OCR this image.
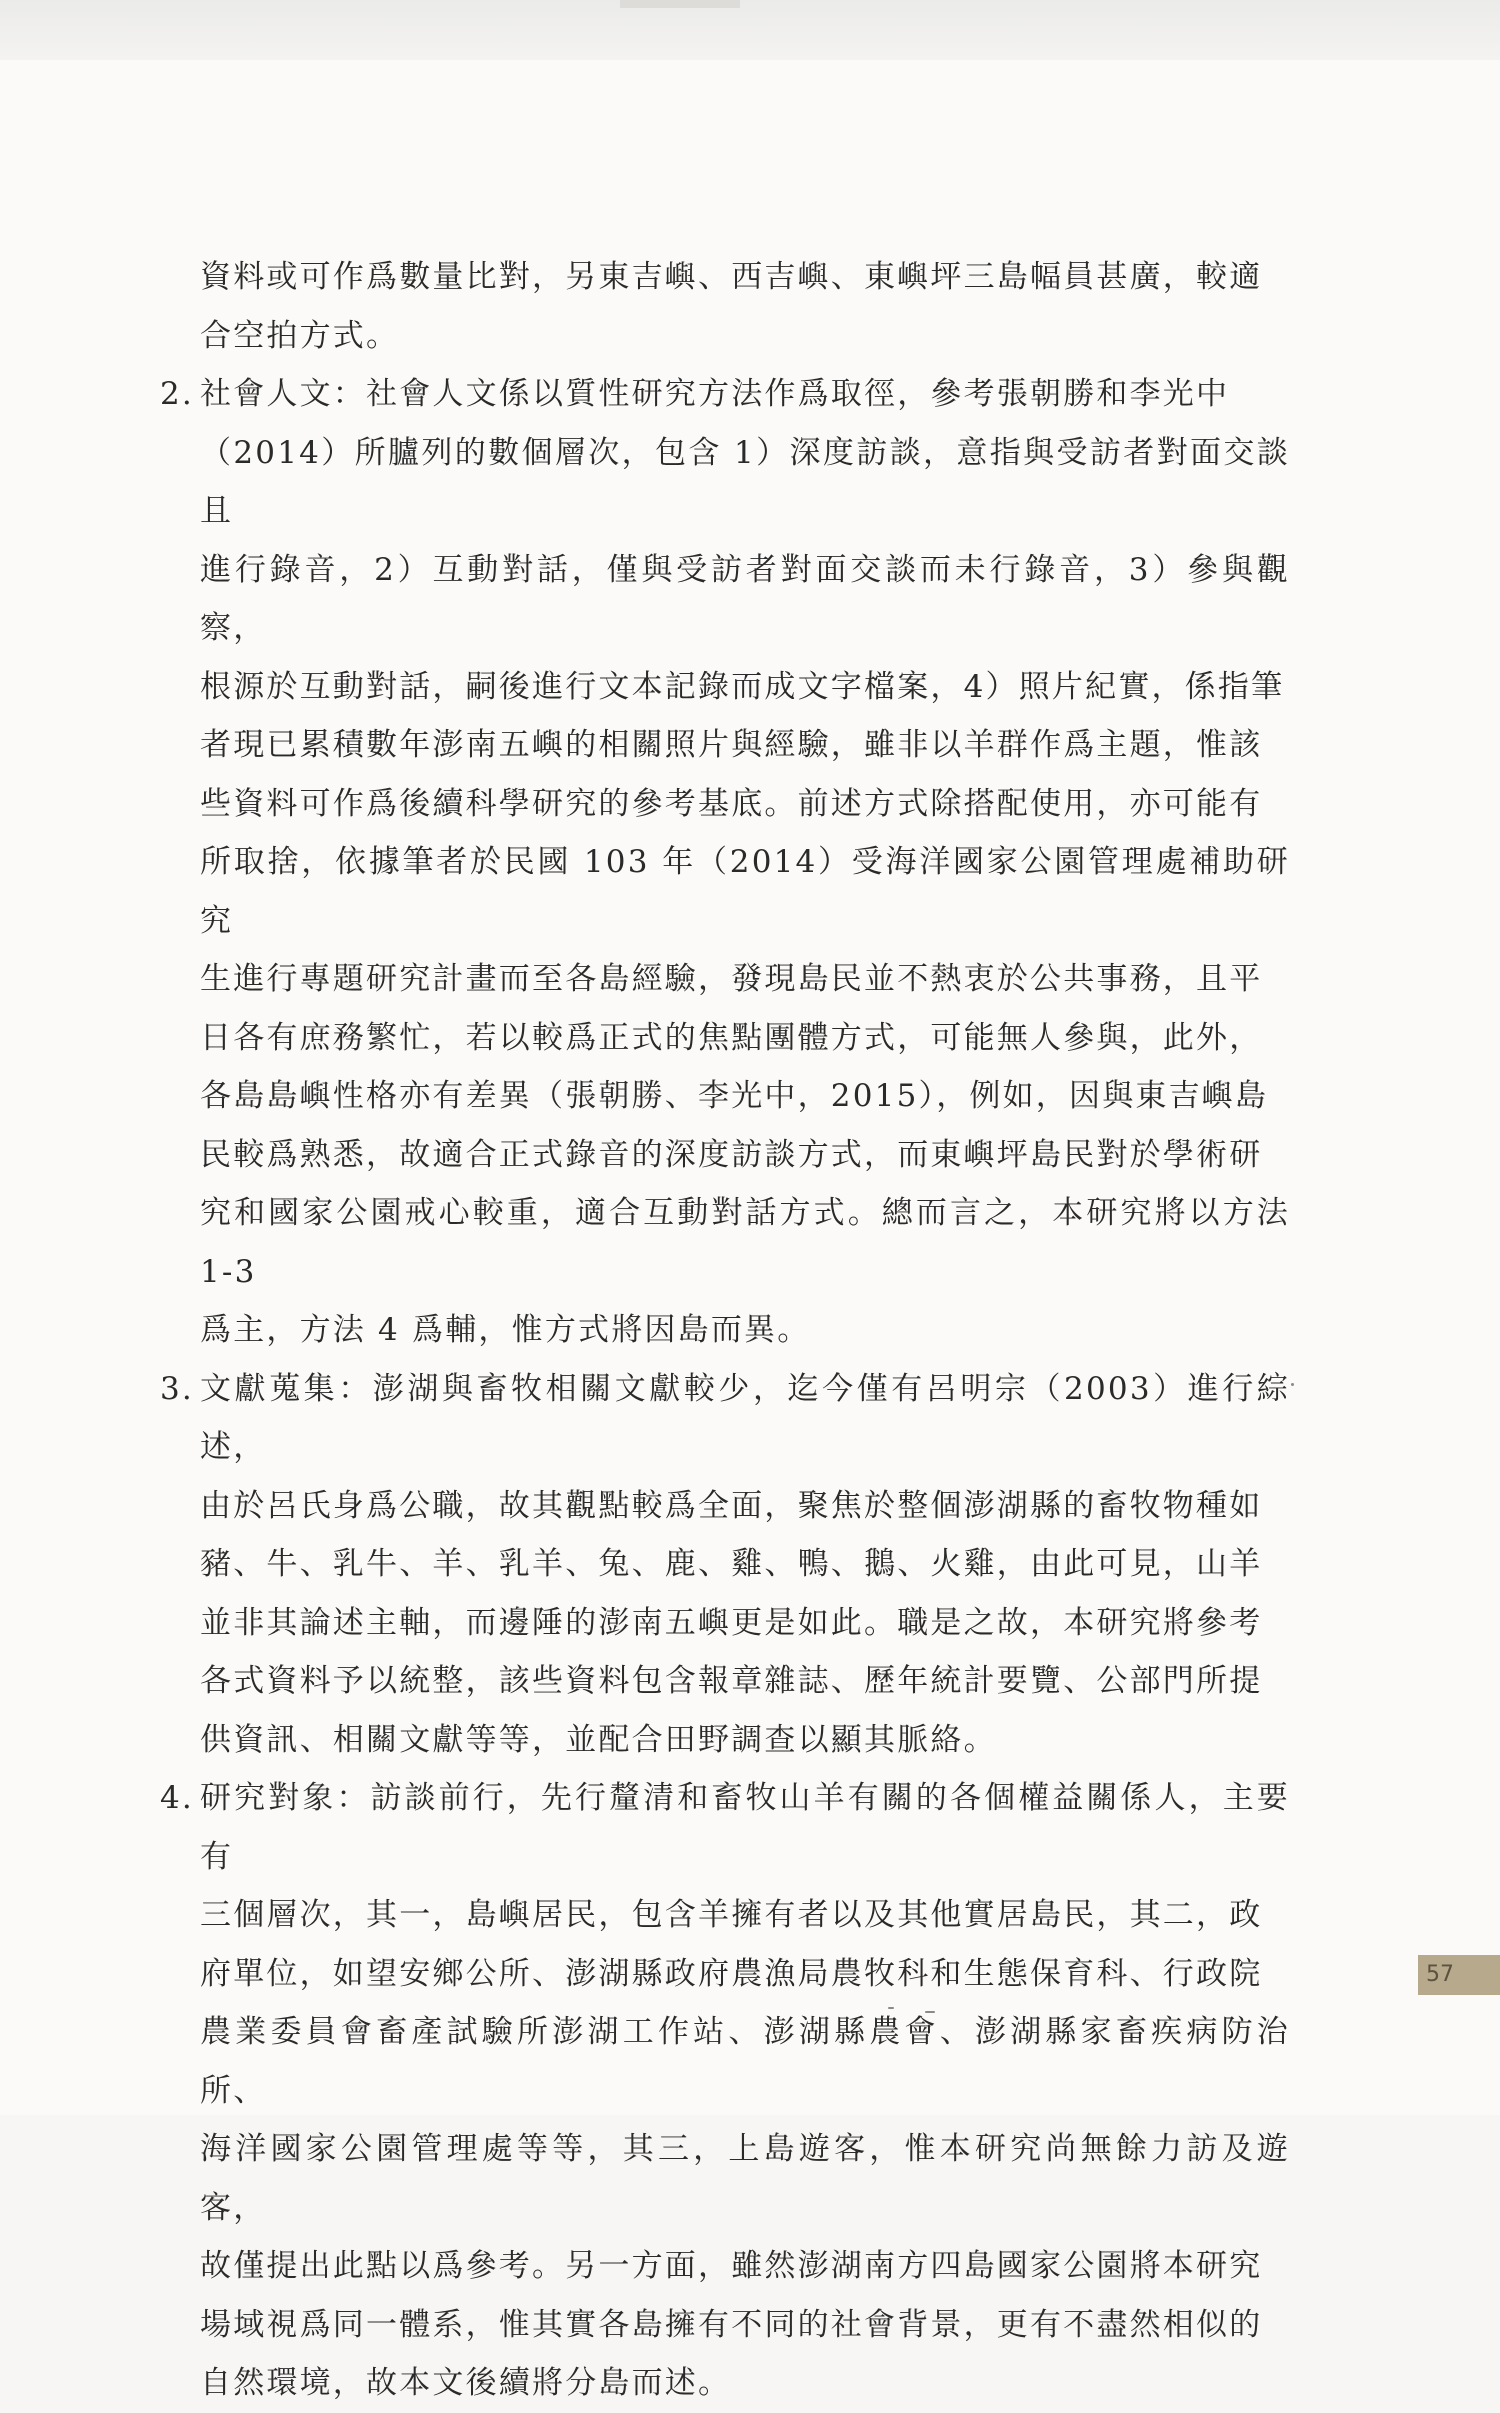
資料或可作爲數量比對，另東吉嶼、西吉嶼、東嶼坪三島幅員甚廣，較適
合空拍方式。
2. 社會人文：社會人文係以質性研究方法作爲取徑，參考張朝勝和李光中
（2014）所臚列的數個層次，包含 1）深度訪談，意指與受訪者對面交談且
進行錄音，2）互動對話，僅與受訪者對面交談而未行錄音，3）參與觀察，
根源於互動對話，嗣後進行文本記錄而成文字檔案，4）照片紀實，係指筆
者現已累積數年澎南五嶼的相關照片與經驗，雖非以羊群作爲主題，惟該
些資料可作爲後續科學研究的參考基底。前述方式除搭配使用，亦可能有
所取捨，依據筆者於民國 103 年（2014）受海洋國家公園管理處補助研究
生進行專題研究計畫而至各島經驗，發現島民並不熱衷於公共事務，且平
日各有庶務繁忙，若以較爲正式的焦點團體方式，可能無人參與，此外，
各島島嶼性格亦有差異（張朝勝、李光中，2015），例如，因與東吉嶼島
民較爲熟悉，故適合正式錄音的深度訪談方式，而東嶼坪島民對於學術研
究和國家公園戒心較重，適合互動對話方式。總而言之，本研究將以方法 1-3
爲主，方法 4 爲輔，惟方式將因島而異。
3. 文獻蒐集：澎湖與畜牧相關文獻較少，迄今僅有呂明宗（2003）進行綜述，
由於呂氏身爲公職，故其觀點較爲全面，聚焦於整個澎湖縣的畜牧物種如
豬、牛、乳牛、羊、乳羊、兔、鹿、雞、鴨、鵝、火雞，由此可見，山羊
並非其論述主軸，而邊陲的澎南五嶼更是如此。職是之故，本研究將參考
各式資料予以統整，該些資料包含報章雜誌、歷年統計要覽、公部門所提
供資訊、相關文獻等等，並配合田野調查以顯其脈絡。
4. 研究對象：訪談前行，先行釐清和畜牧山羊有關的各個權益關係人，主要有
三個層次，其一，島嶼居民，包含羊擁有者以及其他實居島民，其二，政
府單位，如望安鄉公所、澎湖縣政府農漁局農牧科和生態保育科、行政院
農業委員會畜產試驗所澎湖工作站、澎湖縣農會、澎湖縣家畜疾病防治所、
海洋國家公園管理處等等，其三，上島遊客，惟本研究尚無餘力訪及遊客，
故僅提出此點以爲參考。另一方面，雖然澎湖南方四島國家公園將本研究
場域視爲同一體系，惟其實各島擁有不同的社會背景，更有不盡然相似的
自然環境，故本文後續將分島而述。
57
